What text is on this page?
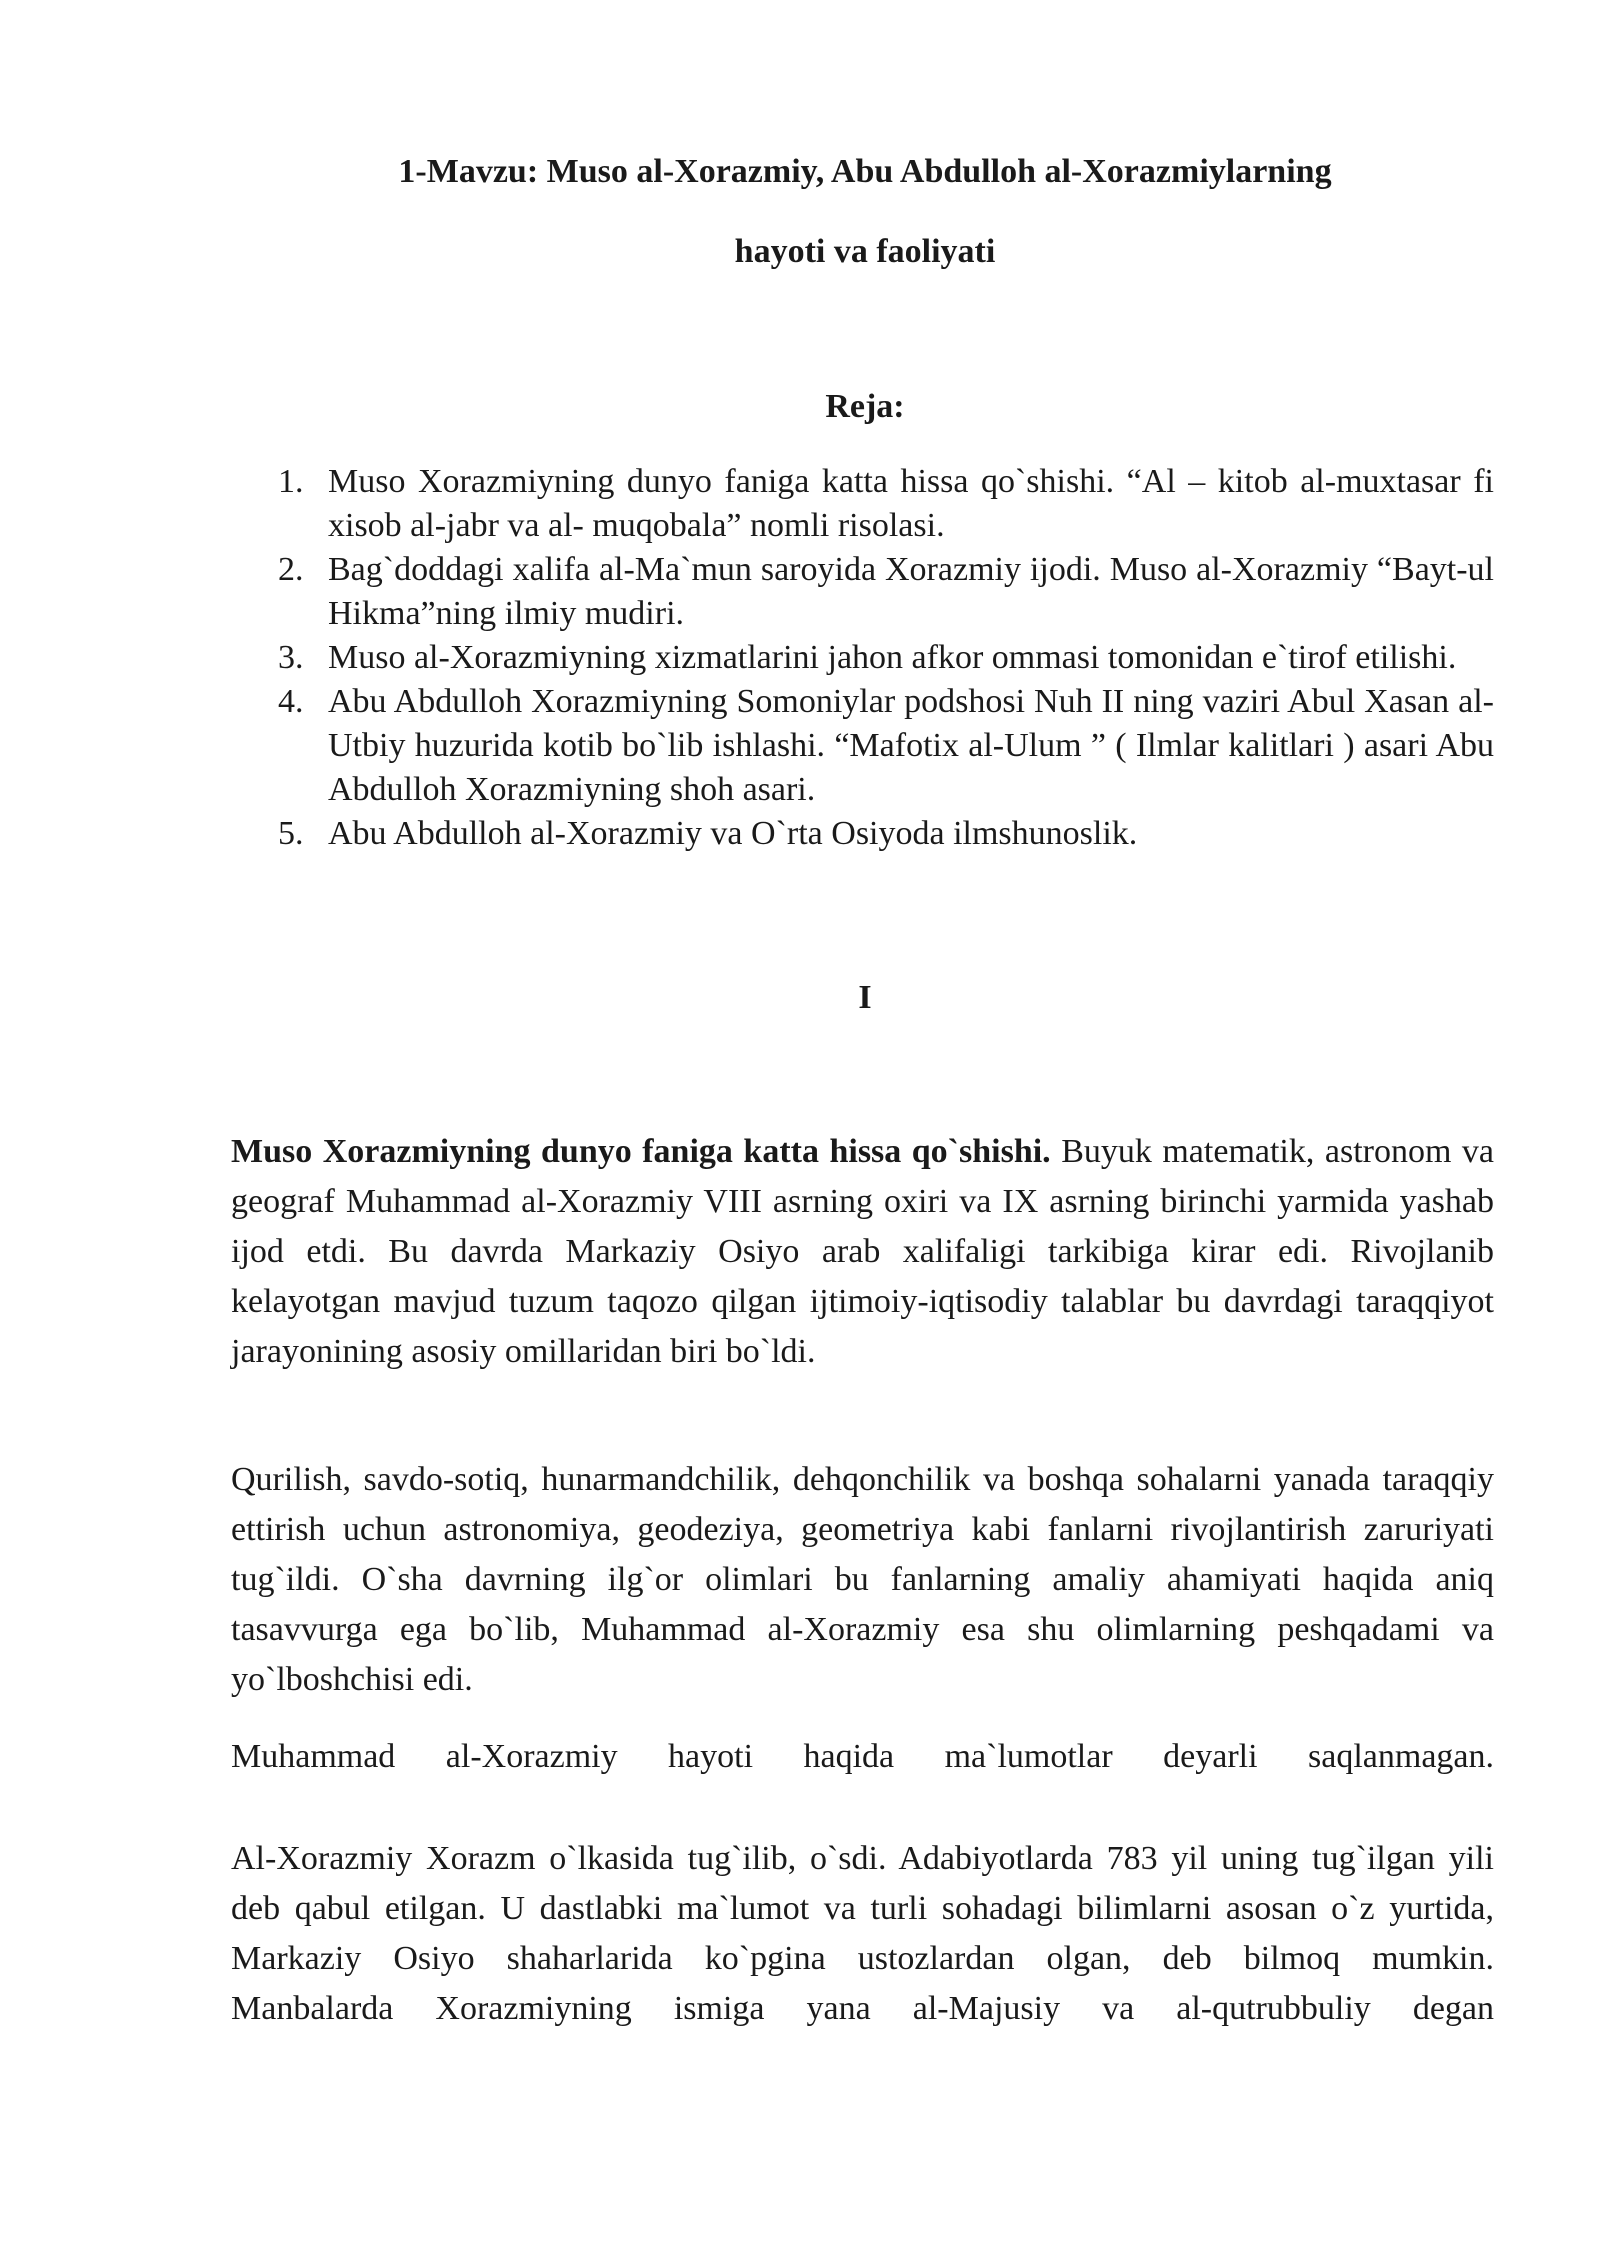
1-Mavzu: Muso al-Xorazmiy, Abu Abdulloh al-Xorazmiylarning
hayoti va faoliyati
Reja:
1. Muso Xorazmiyning dunyo faniga katta hissa qo`shishi. “Al – kitob al-muxtasar fi xisob al-jabr va al- muqobala” nomli risolasi.
2. Bag`doddagi xalifa al-Ma`mun saroyida Xorazmiy ijodi. Muso al-Xorazmiy “Bayt-ul Hikma”ning ilmiy mudiri.
3. Muso al-Xorazmiyning xizmatlarini jahon afkor ommasi tomonidan e`tirof etilishi.
4. Abu Abdulloh Xorazmiyning Somoniylar podshosi Nuh II ning vaziri Abul Xasan al-Utbiy huzurida kotib bo`lib ishlashi. “Mafotix al-Ulum ” ( Ilmlar kalitlari ) asari Abu Abdulloh Xorazmiyning shoh asari.
5. Abu Abdulloh al-Xorazmiy va O`rta Osiyoda ilmshunoslik.
I

Muso Xorazmiyning dunyo faniga katta hissa qo`shishi. Buyuk matematik, astronom va geograf Muhammad al-Xorazmiy VIII asrning oxiri va IX asrning birinchi yarmida yashab ijod etdi. Bu davrda Markaziy Osiyo arab xalifaligi tarkibiga kirar edi. Rivojlanib kelayotgan mavjud tuzum taqozo qilgan ijtimoiy-iqtisodiy talablar bu davrdagi taraqqiyot jarayonining asosiy omillaridan biri bo`ldi.

Qurilish, savdo-sotiq, hunarmandchilik, dehqonchilik va boshqa sohalarni yanada taraqqiy ettirish uchun astronomiya, geodeziya, geometriya kabi fanlarni rivojlantirish zaruriyati tug`ildi. O`sha davrning ilg`or olimlari bu fanlarning amaliy ahamiyati haqida aniq tasavvurga ega bo`lib, Muhammad al-Xorazmiy esa shu olimlarning peshqadami va yo`lboshchisi edi.

Muhammad al-Xorazmiy hayoti haqida ma`lumotlar deyarli saqlanmagan.

Al-Xorazmiy Xorazm o`lkasida tug`ilib, o`sdi. Adabiyotlarda 783 yil uning tug`ilgan yili deb qabul etilgan. U dastlabki ma`lumot va turli sohadagi bilimlarni asosan o`z yurtida, Markaziy Osiyo shaharlarida ko`pgina ustozlardan olgan, deb bilmoq mumkin.
Manbalarda Xorazmiyning ismiga yana al-Majusiy va al-qutrubbuliy degan
